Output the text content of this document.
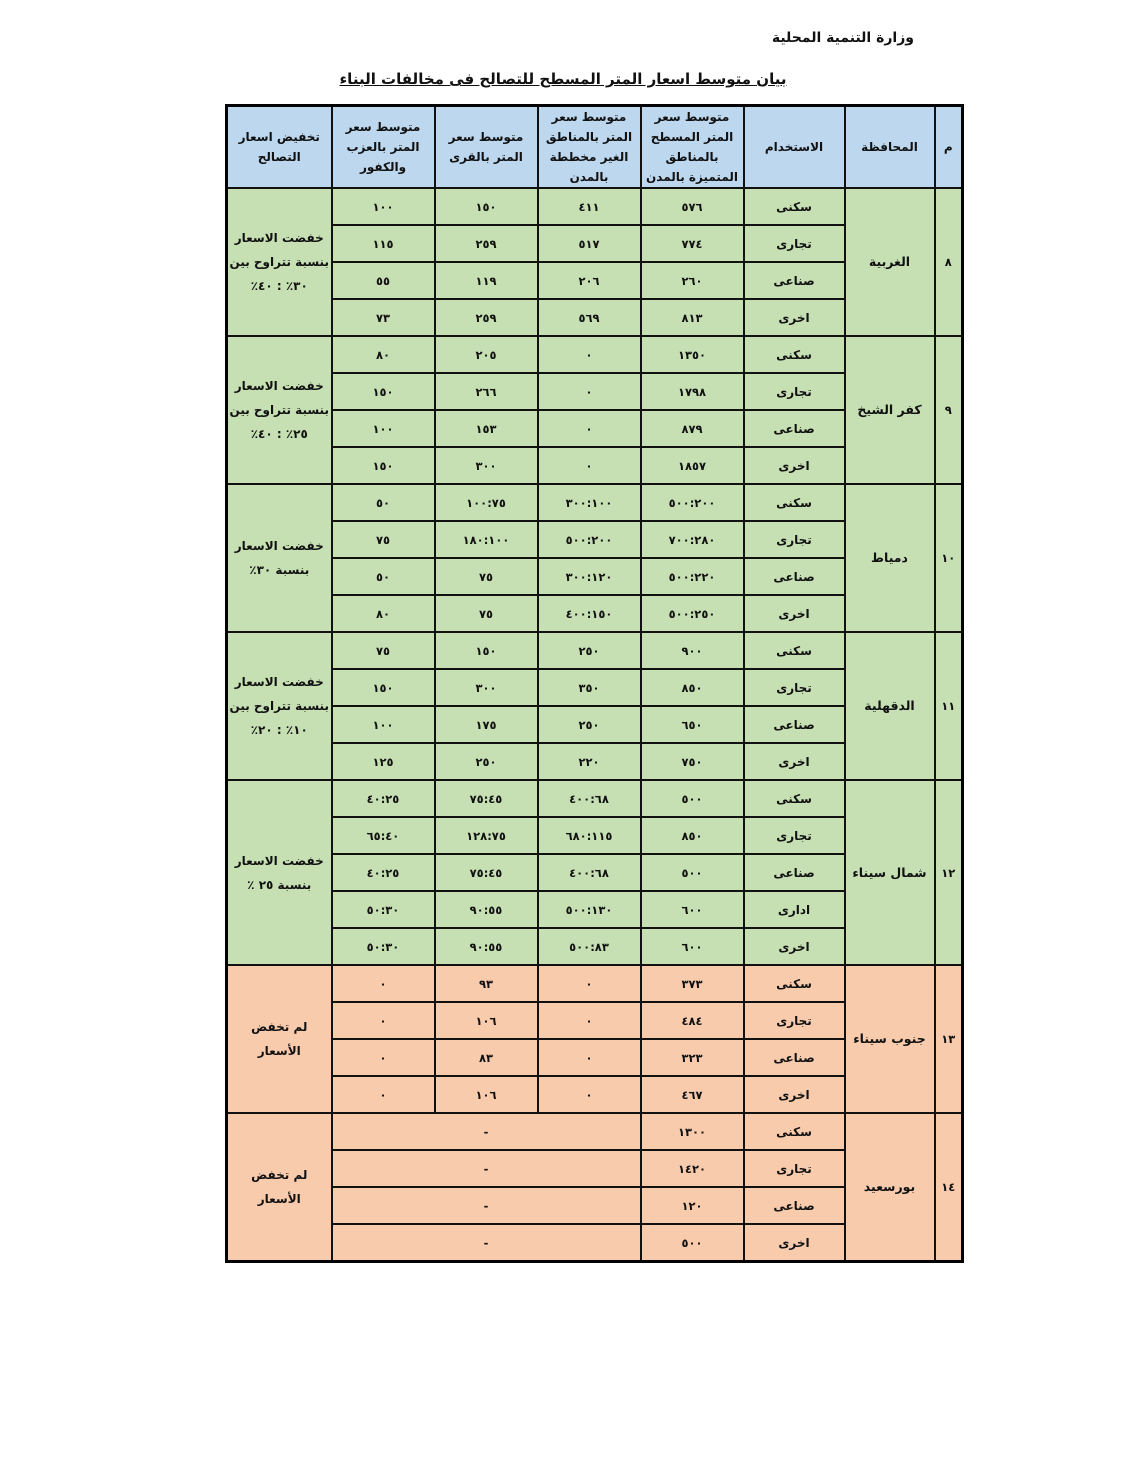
وزارة التنمية المحلية
بيان متوسط اسعار المتر المسطح للتصالح فى مخالفات البناء
م	المحافظة	الاستخدام	متوسط سعر المتر المسطح بالمناطق المتميزة بالمدن	متوسط سعر المتر بالمناطق الغير مخططة بالمدن	متوسط سعر المتر بالقرى	متوسط سعر المتر بالعزب والكفور	تخفيض اسعار التصالح
٨	الغربية	سكنى	٥٧٦	٤١١	١٥٠	١٠٠	خفضت الاسعار بنسبة تتراوح بين ٣٠٪ : ٤٠٪
		تجارى	٧٧٤	٥١٧	٢٥٩	١١٥	
		صناعى	٢٦٠	٢٠٦	١١٩	٥٥	
		اخرى	٨١٣	٥٦٩	٢٥٩	٧٣	
٩	كفر الشيخ	سكنى	١٣٥٠	٠	٢٠٥	٨٠	خفضت الاسعار بنسبة تتراوح بين ٢٥٪ : ٤٠٪
		تجارى	١٧٩٨	٠	٢٦٦	١٥٠	
		صناعى	٨٧٩	٠	١٥٣	١٠٠	
		اخرى	١٨٥٧	٠	٣٠٠	١٥٠	
١٠	دمياط	سكنى	٥٠٠:٢٠٠	٣٠٠:١٠٠	١٠٠:٧٥	٥٠	خفضت الاسعار بنسبة ٣٠٪
		تجارى	٧٠٠:٢٨٠	٥٠٠:٢٠٠	١٨٠:١٠٠	٧٥	
		صناعى	٥٠٠:٢٢٠	٣٠٠:١٢٠	٧٥	٥٠	
		اخرى	٥٠٠:٢٥٠	٤٠٠:١٥٠	٧٥	٨٠	
١١	الدقهلية	سكنى	٩٠٠	٢٥٠	١٥٠	٧٥	خفضت الاسعار بنسبة تتراوح بين ١٠٪ : ٢٠٪
		تجارى	٨٥٠	٣٥٠	٣٠٠	١٥٠	
		صناعى	٦٥٠	٢٥٠	١٧٥	١٠٠	
		اخرى	٧٥٠	٢٢٠	٢٥٠	١٢٥	
١٢	شمال سيناء	سكنى	٥٠٠	٤٠٠:٦٨	٧٥:٤٥	٤٠:٢٥	خفضت الاسعار بنسبة ٢٥ ٪
		تجارى	٨٥٠	٦٨٠:١١٥	١٢٨:٧٥	٦٥:٤٠	
		صناعى	٥٠٠	٤٠٠:٦٨	٧٥:٤٥	٤٠:٢٥	
		ادارى	٦٠٠	٥٠٠:١٣٠	٩٠:٥٥	٥٠:٣٠	
		اخرى	٦٠٠	٥٠٠:٨٣	٩٠:٥٥	٥٠:٣٠	
١٣	جنوب سيناء	سكنى	٣٧٣	٠	٩٣	٠	لم تخفض الأسعار
		تجارى	٤٨٤	٠	١٠٦	٠	
		صناعى	٣٢٣	٠	٨٣	٠	
		اخرى	٤٦٧	٠	١٠٦	٠	
١٤	بورسعيد	سكنى	١٣٠٠	-			لم تخفض الأسعار
		تجارى	١٤٢٠	-			
		صناعى	١٢٠	-			
		اخرى	٥٠٠	-			
